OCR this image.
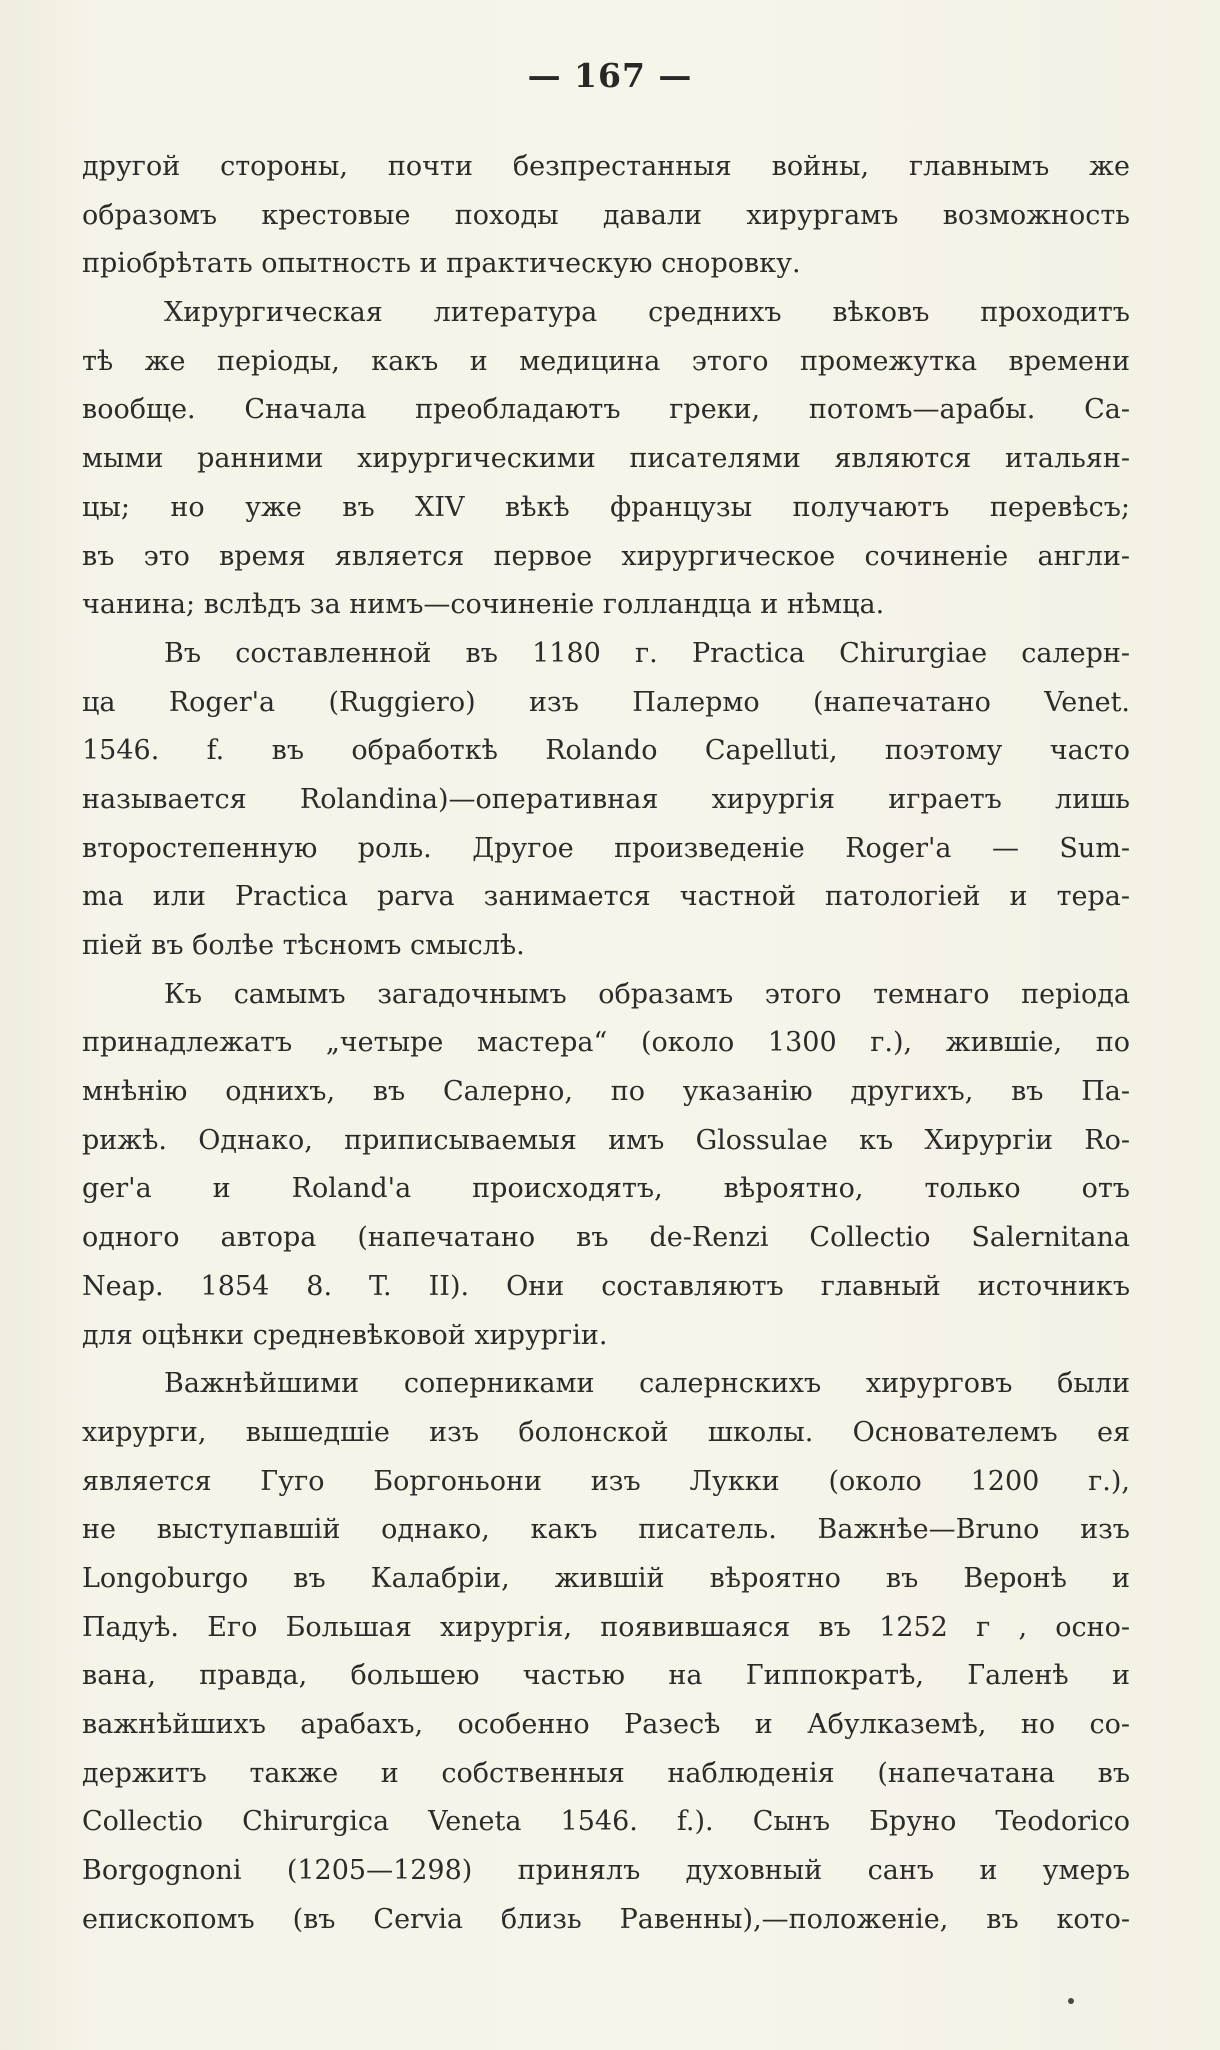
— 167 —
другой стороны, почти безпрестанныя войны, главнымъ же
образомъ крестовые походы давали хирургамъ возможность
пріобрѣтать опытность и практическую сноровку.
Хирургическая литература среднихъ вѣковъ проходитъ
тѣ же періоды, какъ и медицина этого промежутка времени
вообще. Сначала преобладаютъ греки, потомъ—арабы. Са-
мыми ранними хирургическими писателями являются итальян-
цы; но уже въ XIV вѣкѣ французы получаютъ перевѣсъ;
въ это время является первое хирургическое сочиненіе англи-
чанина; вслѣдъ за нимъ—сочиненіе голландца и нѣмца.
Въ составленной въ 1180 г. Practica Chirurgiae салерн-
ца Roger'a (Ruggiero) изъ Палермо (напечатано Venet.
1546. f. въ обработкѣ Rolando Capelluti, поэтому часто
называется Rolandina)—оперативная хирургія играетъ лишь
второстепенную роль. Другое произведеніе Roger'a — Sum-
ma или Practica parva занимается частной патологіей и тера-
піей въ болѣе тѣсномъ смыслѣ.
Къ самымъ загадочнымъ образамъ этого темнаго періода
принадлежатъ „четыре мастера“ (около 1300 г.), жившіе, по
мнѣнію однихъ, въ Салерно, по указанію другихъ, въ Па-
рижѣ. Однако, приписываемыя имъ Glossulae къ Хирургіи Ro-
ger'a и Roland'a происходятъ, вѣроятно, только отъ
одного автора (напечатано въ de-Renzi Collectio Salernitana
Neap. 1854 8. T. II). Они составляютъ главный источникъ
для оцѣнки средневѣковой хирургіи.
Важнѣйшими соперниками салернскихъ хирурговъ были
хирурги, вышедшіе изъ болонской школы. Основателемъ ея
является Гуго Боргоньони изъ Лукки (около 1200 г.),
не выступавшій однако, какъ писатель. Важнѣе—Bruno изъ
Longoburgo въ Калабріи, жившій вѣроятно въ Веронѣ и
Падуѣ. Его Большая хирургія, появившаяся въ 1252 г , осно-
вана, правда, большею частью на Гиппократѣ, Галенѣ и
важнѣйшихъ арабахъ, особенно Разесѣ и Абулказемѣ, но со-
держитъ также и собственныя наблюденія (напечатана въ
Collectio Chirurgica Veneta 1546. f.). Сынъ Бруно Teodorico
Borgognoni (1205—1298) принялъ духовный санъ и умеръ
епископомъ (въ Cervia близь Равенны),—положеніе, въ кото-
